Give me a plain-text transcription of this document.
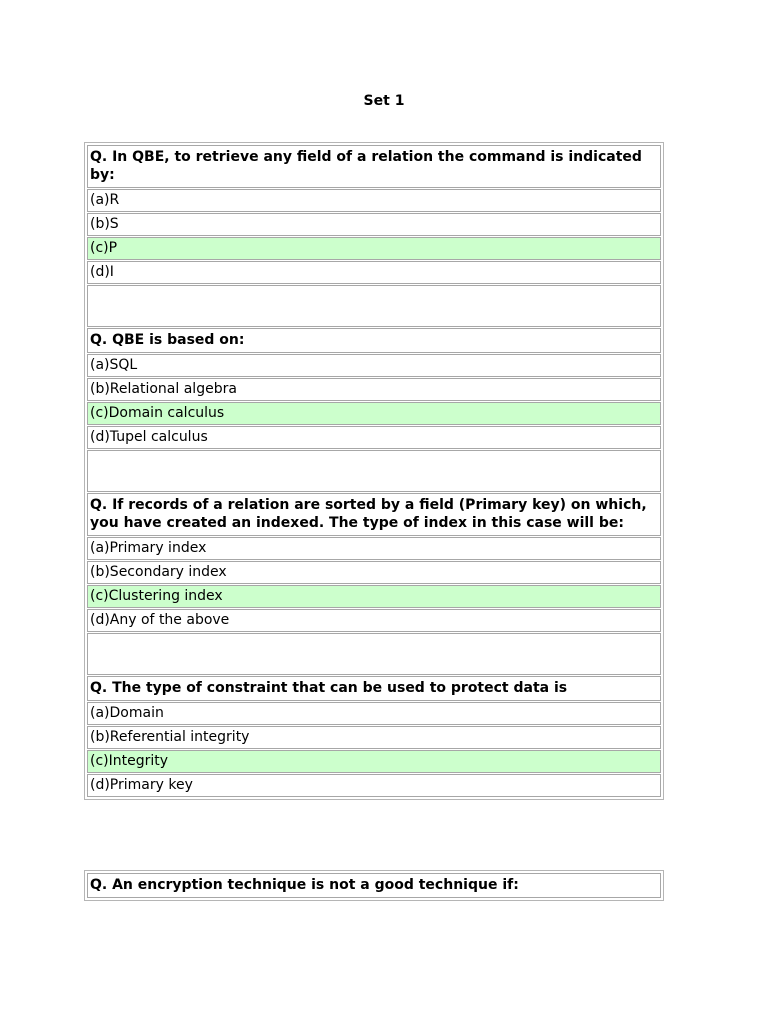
Set 1
Q. In QBE, to retrieve any field of a relation the command is indicated by:
(a)R
(b)S
(c)P
(d)I
Q. QBE is based on:
(a)SQL
(b)Relational algebra
(c)Domain calculus
(d)Tupel calculus
Q. If records of a relation are sorted by a field (Primary key) on which, you have created an indexed. The type of index in this case will be:
(a)Primary index
(b)Secondary index
(c)Clustering index
(d)Any of the above
Q. The type of constraint that can be used to protect data is
(a)Domain
(b)Referential integrity
(c)Integrity
(d)Primary key
Q. An encryption technique is not a good technique if:
